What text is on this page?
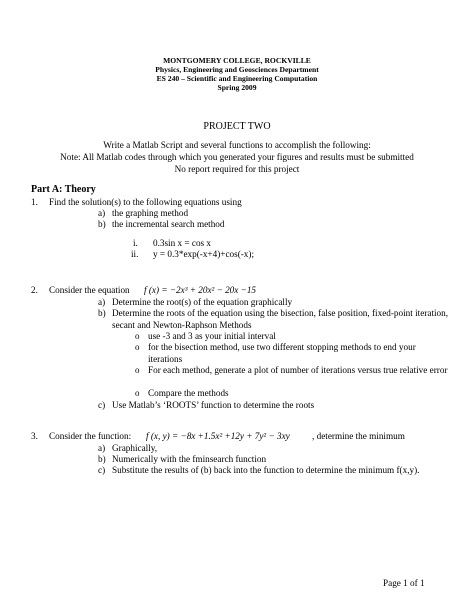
MONTGOMERY COLLEGE, ROCKVILLE
Physics, Engineering and Geosciences Department
ES 240 – Scientific and Engineering Computation
Spring 2009
PROJECT TWO
Write a Matlab Script and several functions to accomplish the following:
Note: All Matlab codes through which you generated your figures and results must be submitted
No report required for this project
Part A: Theory
1. Find the solution(s) to the following equations using
a) the graphing method
b) the incremental search method
i. 0.3sin x = cos x
ii. y = 0.3*exp(-x+4)+cos(-x);
2. Consider the equation f (x) = −2x³ + 20x² − 20x −15
a) Determine the root(s) of the equation graphically
b) Determine the roots of the equation using the bisection, false position, fixed-point iteration, secant and Newton-Raphson Methods
o use -3 and 3 as your initial interval
o for the bisection method, use two different stopping methods to end your iterations
o For each method, generate a plot of number of iterations versus true relative error
o Compare the methods
c) Use Matlab’s ‘ROOTS’ function to determine the roots
3. Consider the function: f (x, y) = −8x +1.5x² +12y + 7y² − 3xy , determine the minimum
a) Graphically,
b) Numerically with the fminsearch function
c) Substitute the results of (b) back into the function to determine the minimum f(x,y).
Page 1 of 1
